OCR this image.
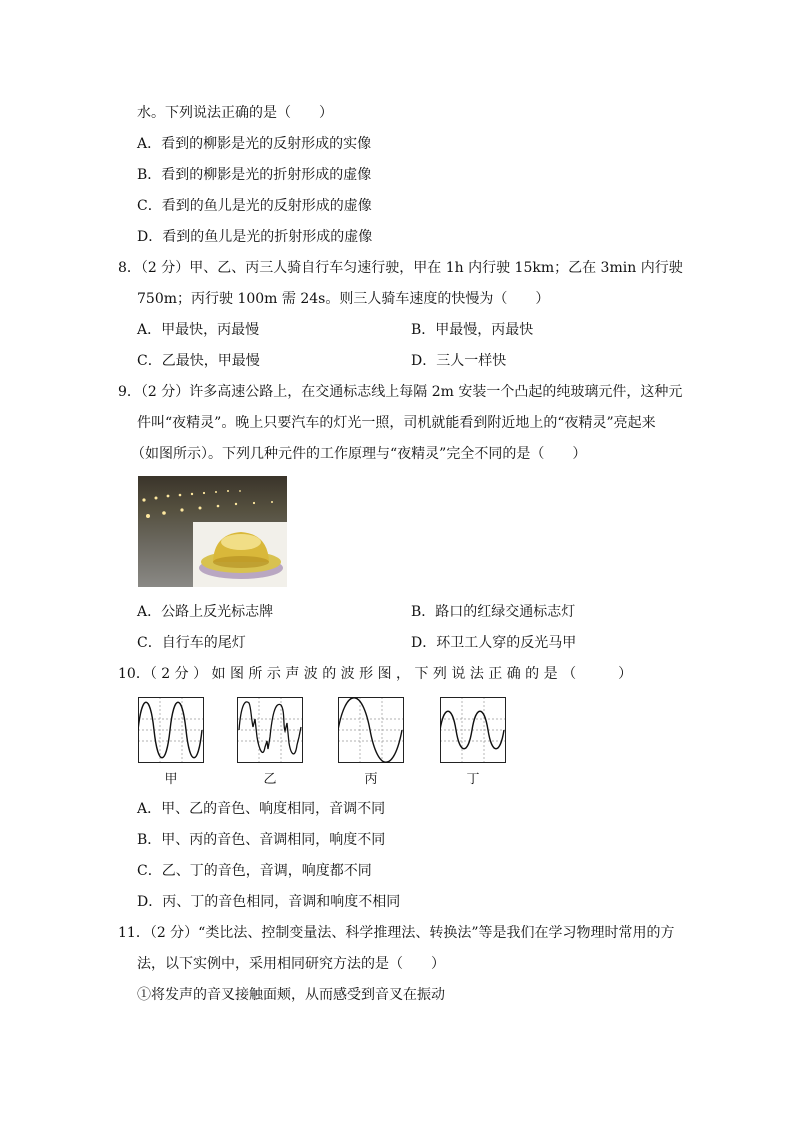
水。下列说法正确的是（　　）
A．看到的柳影是光的反射形成的实像
B．看到的柳影是光的折射形成的虚像
C．看到的鱼儿是光的反射形成的虚像
D．看到的鱼儿是光的折射形成的虚像
8．（2 分）甲、乙、丙三人骑自行车匀速行驶，甲在 1h 内行驶 15km；乙在 3min 内行驶
750m；丙行驶 100m 需 24s。则三人骑车速度的快慢为（　　）
A．甲最快，丙最慢	B．甲最慢，丙最快
C．乙最快，甲最慢	D．三人一样快
9．（2 分）许多高速公路上，在交通标志线上每隔 2m 安装一个凸起的纯玻璃元件，这种元
件叫“夜精灵”。晚上只要汽车的灯光一照，司机就能看到附近地上的“夜精灵”亮起来
（如图所示）。下列几种元件的工作原理与“夜精灵”完全不同的是（　　）
A．公路上反光标志牌	B．路口的红绿交通标志灯
C．自行车的尾灯	D．环卫工人穿的反光马甲
10．（ 2 分 ） 如 图 所 示 声 波 的 波 形 图 ， 下 列 说 法 正 确 的 是 （　　　）
甲	乙	丙	丁
A．甲、乙的音色、响度相同，音调不同
B．甲、丙的音色、音调相同，响度不同
C．乙、丁的音色，音调，响度都不同
D．丙、丁的音色相同，音调和响度不相同
11．（2 分）“类比法、控制变量法、科学推理法、转换法”等是我们在学习物理时常用的方
法，以下实例中，采用相同研究方法的是（　　）
①将发声的音叉接触面颊，从而感受到音叉在振动
